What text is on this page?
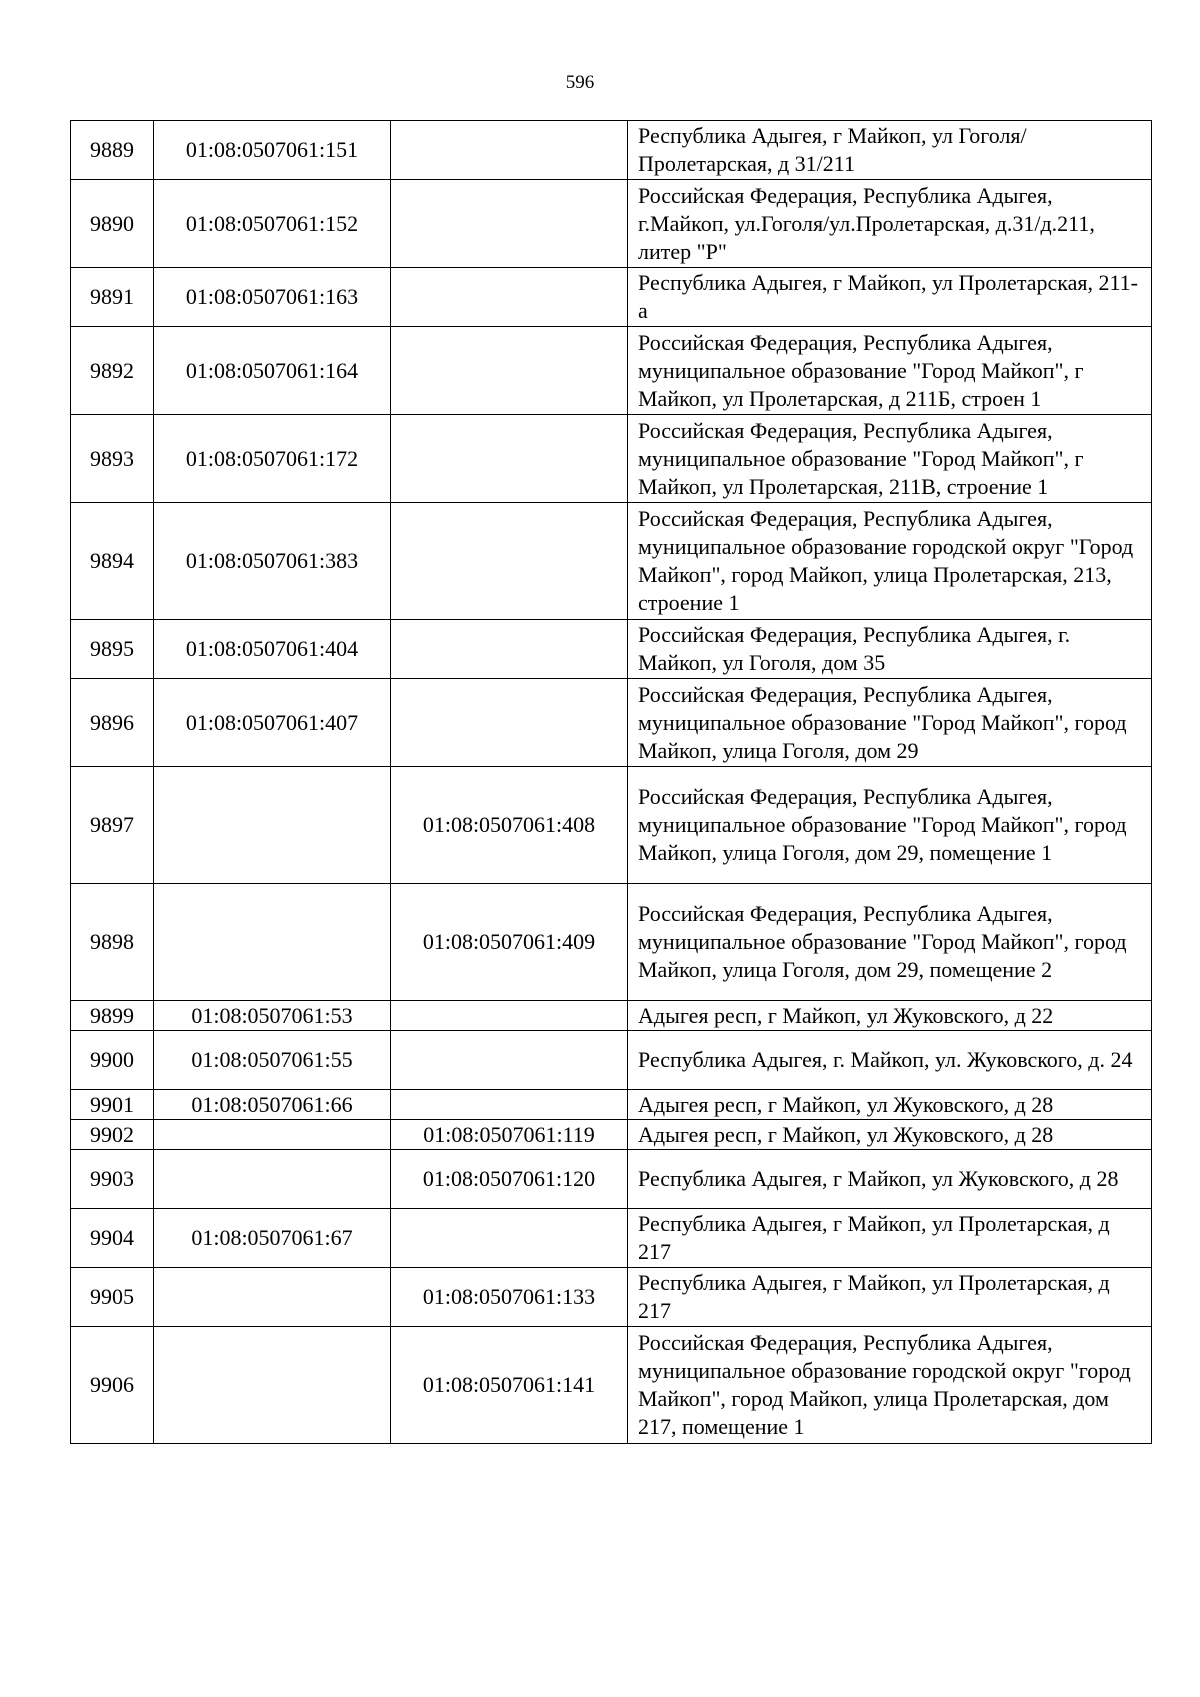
596
9889	01:08:0507061:151		Республика Адыгея, г Майкоп, ул Гоголя/Пролетарская, д 31/211
9890	01:08:0507061:152		Российская Федерация, Республика Адыгея, г.Майкоп, ул.Гоголя/ул.Пролетарская, д.31/д.211, литер "Р"
9891	01:08:0507061:163		Республика Адыгея, г Майкоп, ул Пролетарская, 211-а
9892	01:08:0507061:164		Российская Федерация, Республика Адыгея, муниципальное образование "Город Майкоп", г Майкоп, ул Пролетарская, д 211Б, строен 1
9893	01:08:0507061:172		Российская Федерация, Республика Адыгея, муниципальное образование "Город Майкоп", г Майкоп, ул Пролетарская, 211В, строение 1
9894	01:08:0507061:383		Российская Федерация, Республика Адыгея, муниципальное образование городской округ "Город Майкоп", город Майкоп, улица Пролетарская, 213, строение 1
9895	01:08:0507061:404		Российская Федерация, Республика Адыгея, г. Майкоп, ул Гоголя, дом 35
9896	01:08:0507061:407		Российская Федерация, Республика Адыгея, муниципальное образование "Город Майкоп", город Майкоп, улица Гоголя, дом 29
9897		01:08:0507061:408	Российская Федерация, Республика Адыгея, муниципальное образование "Город Майкоп", город Майкоп, улица Гоголя, дом 29, помещение 1
9898		01:08:0507061:409	Российская Федерация, Республика Адыгея, муниципальное образование "Город Майкоп", город Майкоп, улица Гоголя, дом 29, помещение 2
9899	01:08:0507061:53		Адыгея респ, г Майкоп, ул Жуковского, д 22
9900	01:08:0507061:55		Республика Адыгея, г. Майкоп, ул. Жуковского, д. 24
9901	01:08:0507061:66		Адыгея респ, г Майкоп, ул Жуковского, д 28
9902		01:08:0507061:119	Адыгея респ, г Майкоп, ул Жуковского, д 28
9903		01:08:0507061:120	Республика Адыгея, г Майкоп, ул Жуковского, д 28
9904	01:08:0507061:67		Республика Адыгея, г Майкоп, ул Пролетарская, д 217
9905		01:08:0507061:133	Республика Адыгея, г Майкоп, ул Пролетарская, д 217
9906		01:08:0507061:141	Российская Федерация, Республика Адыгея, муниципальное образование городской округ "город Майкоп", город Майкоп, улица Пролетарская, дом 217, помещение 1
